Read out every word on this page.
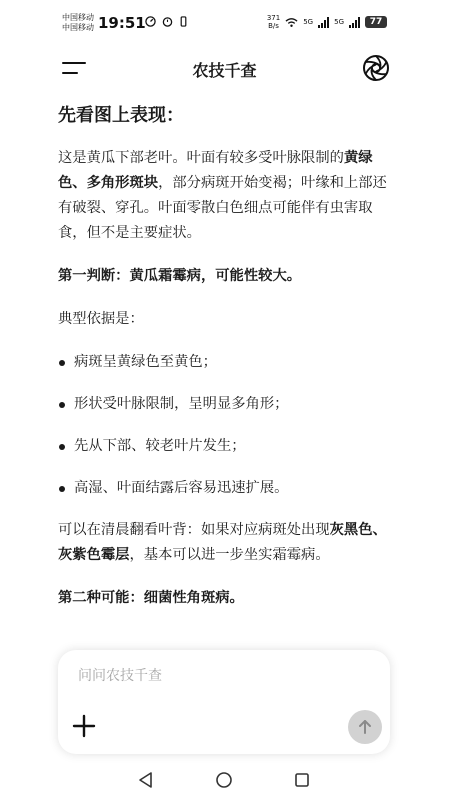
中国移动
中国移动 19:51
	371
B/s	5G	5G	77
农技千查
先看图上表现：

这是黄瓜下部老叶。叶面有较多受叶脉限制的黄绿色、多角形斑块，部分病斑开始变褐；叶缘和上部还有破裂、穿孔。叶面零散白色细点可能伴有虫害取食，但不是主要症状。

第一判断：黄瓜霜霉病，可能性较大。

典型依据是：

病斑呈黄绿色至黄色；
形状受叶脉限制，呈明显多角形；
先从下部、较老叶片发生；
高湿、叶面结露后容易迅速扩展。

可以在清晨翻看叶背：如果对应病斑处出现灰黑色、灰紫色霉层，基本可以进一步坐实霜霉病。

第二种可能：细菌性角斑病。

问问农技千查
